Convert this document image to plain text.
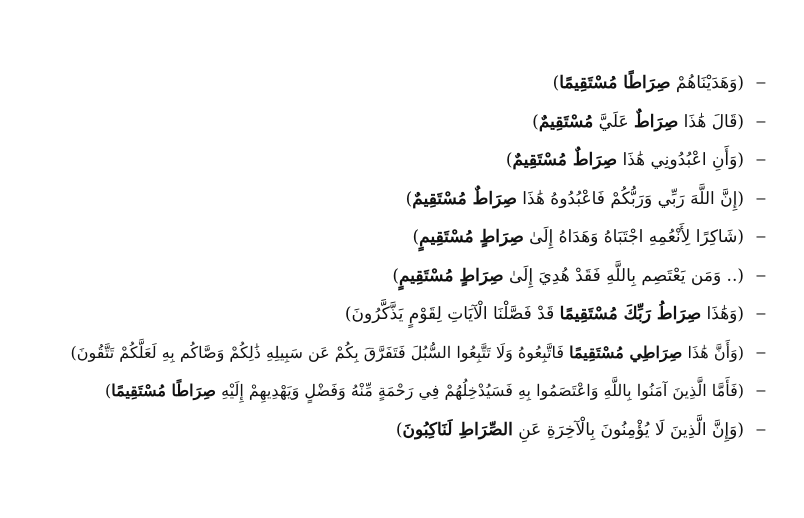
–
(وَهَدَيْنَاهُمْ صِرَاطًا مُسْتَقِيمًا)
–
(قَالَ هَٰذَا صِرَاطٌ عَلَيَّ مُسْتَقِيمٌ)
–
(وَأَنِ اعْبُدُونِي هَٰذَا صِرَاطٌ مُسْتَقِيمٌ)
–
(إِنَّ اللَّهَ رَبِّي وَرَبُّكُمْ فَاعْبُدُوهُ هَٰذَا صِرَاطٌ مُسْتَقِيمٌ)
–
(شَاكِرًا لِأَنْعُمِهِ اجْتَبَاهُ وَهَدَاهُ إِلَىٰ صِرَاطٍ مُسْتَقِيمٍ)
–
(.. وَمَن يَعْتَصِم بِاللَّهِ فَقَدْ هُدِيَ إِلَىٰ صِرَاطٍ مُسْتَقِيمٍ)
–
(وَهَٰذَا صِرَاطُ رَبِّكَ مُسْتَقِيمًا قَدْ فَصَّلْنَا الْآيَاتِ لِقَوْمٍ يَذَّكَّرُونَ)
–
(وَأَنَّ هَٰذَا صِرَاطِي مُسْتَقِيمًا فَاتَّبِعُوهُ وَلَا تَتَّبِعُوا السُّبُلَ فَتَفَرَّقَ بِكُمْ عَن سَبِيلِهِ ذَٰلِكُمْ وَصَّاكُم بِهِ لَعَلَّكُمْ تَتَّقُونَ)
–
(فَأَمَّا الَّذِينَ آمَنُوا بِاللَّهِ وَاعْتَصَمُوا بِهِ فَسَيُدْخِلُهُمْ فِي رَحْمَةٍ مِّنْهُ وَفَضْلٍ وَيَهْدِيهِمْ إِلَيْهِ صِرَاطًا مُسْتَقِيمًا)
–
(وَإِنَّ الَّذِينَ لَا يُؤْمِنُونَ بِالْآخِرَةِ عَنِ الصِّرَاطِ لَنَاكِبُونَ)
